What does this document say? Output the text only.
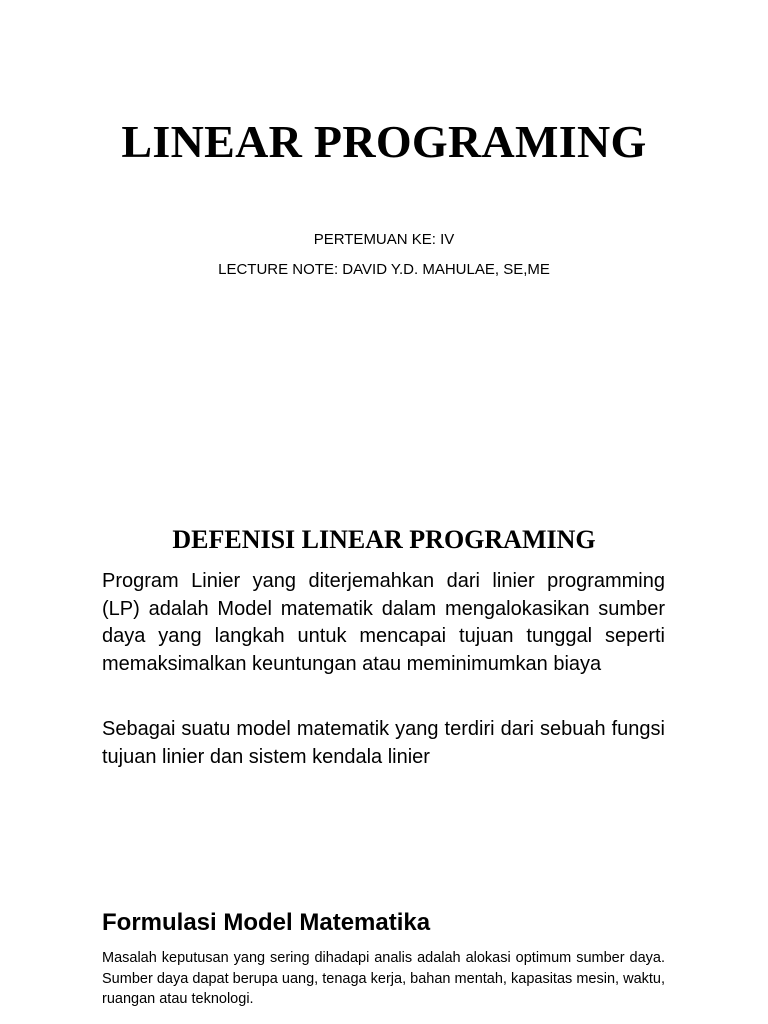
LINEAR PROGRAMING

PERTEMUAN KE: IV

LECTURE NOTE: DAVID Y.D. MAHULAE, SE,ME

DEFENISI LINEAR PROGRAMING

Program Linier yang diterjemahkan dari linier programming (LP) adalah Model matematik dalam mengalokasikan sumber daya yang langkah untuk mencapai tujuan tunggal seperti memaksimalkan keuntungan atau meminimumkan biaya

Sebagai suatu model matematik yang terdiri dari sebuah fungsi tujuan linier dan sistem kendala linier

Formulasi Model Matematika

Masalah keputusan yang sering dihadapi analis adalah alokasi optimum sumber daya. Sumber daya dapat berupa uang, tenaga kerja, bahan mentah, kapasitas mesin, waktu, ruangan atau teknologi.
